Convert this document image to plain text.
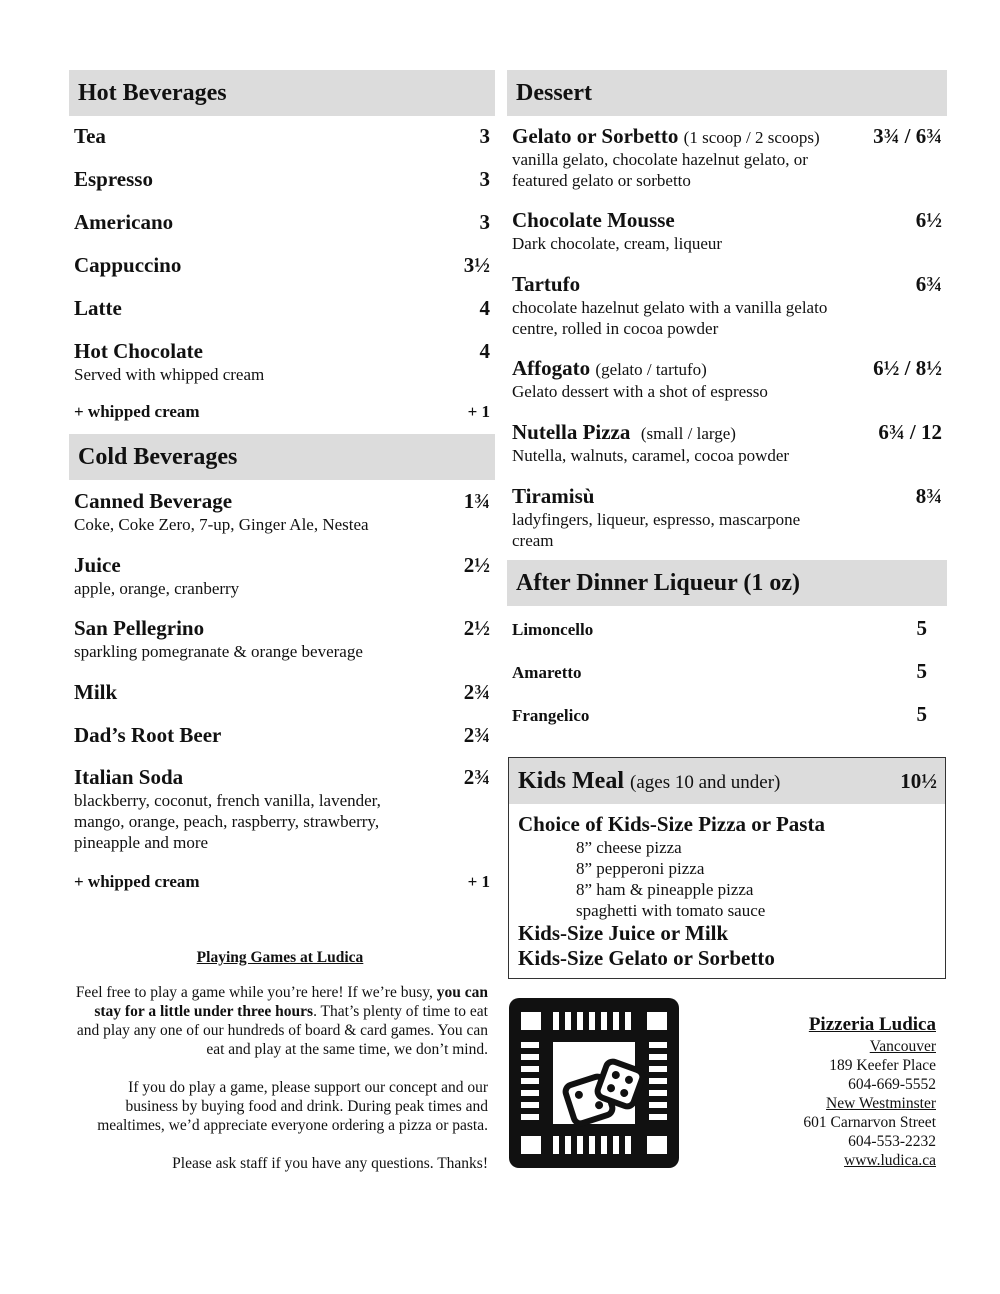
Hot Beverages
Tea	3
Espresso	3
Americano	3
Cappuccino	3½
Latte	4
Hot Chocolate	4
Served with whipped cream
+ whipped cream	+ 1
Cold Beverages
Canned Beverage	1¾
Coke, Coke Zero, 7-up, Ginger Ale, Nestea
Juice	2½
apple, orange, cranberry
San Pellegrino	2½
sparkling pomegranate & orange beverage
Milk	2¾
Dad’s Root Beer	2¾
Italian Soda	2¾
blackberry, coconut, french vanilla, lavender, mango, orange, peach, raspberry, strawberry, pineapple and more
+ whipped cream	+ 1
Dessert
Gelato or Sorbetto (1 scoop / 2 scoops)	3¾ / 6¾
vanilla gelato, chocolate hazelnut gelato, or featured gelato or sorbetto
Chocolate Mousse	6½
Dark chocolate, cream, liqueur
Tartufo	6¾
chocolate hazelnut gelato with a vanilla gelato centre, rolled in cocoa powder
Affogato (gelato / tartufo)	6½ / 8½
Gelato dessert with a shot of espresso
Nutella Pizza (small / large)	6¾ / 12
Nutella, walnuts, caramel, cocoa powder
Tiramisù	8¾
ladyfingers, liqueur, espresso, mascarpone cream
After Dinner Liqueur (1 oz)
Limoncello	5
Amaretto	5
Frangelico	5
Kids Meal (ages 10 and under)	10½
Choice of Kids-Size Pizza or Pasta
8” cheese pizza
8” pepperoni pizza
8” ham & pineapple pizza
spaghetti with tomato sauce
Kids-Size Juice or Milk
Kids-Size Gelato or Sorbetto
Playing Games at Ludica

Feel free to play a game while you’re here! If we’re busy, you can stay for a little under three hours. That’s plenty of time to eat and play any one of our hundreds of board & card games. You can eat and play at the same time, we don’t mind.

If you do play a game, please support our concept and our business by buying food and drink. During peak times and mealtimes, we’d appreciate everyone ordering a pizza or pasta.

Please ask staff if you have any questions. Thanks!

Pizzeria Ludica
Vancouver
189 Keefer Place
604-669-5552
New Westminster
601 Carnarvon Street
604-553-2232
www.ludica.ca
